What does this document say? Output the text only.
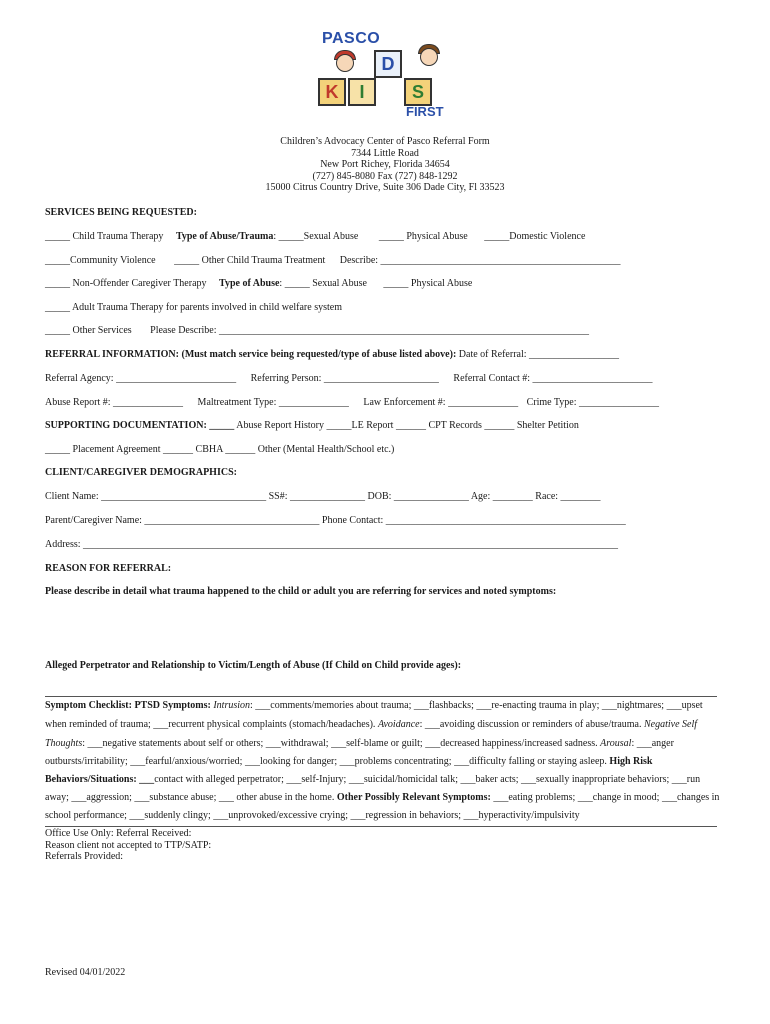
PASCO
K	I
D
S
FIRST
Children’s Advocacy Center of Pasco Referral Form
7344 Little Road
New Port Richey, Florida 34654
(727) 845-8080 Fax (727) 848-1292
15000 Citrus Country Drive, Suite 306 Dade City, Fl 33523
SERVICES BEING REQUESTED:
_____ Child Trauma Therapy Type of Abuse/Trauma: _____Sexual Abuse _____ Physical Abuse _____Domestic Violence
_____Community Violence _____ Other Child Trauma Treatment Describe: ________________________________________________
_____ Non-Offender Caregiver Therapy Type of Abuse: _____ Sexual Abuse _____ Physical Abuse
_____ Adult Trauma Therapy for parents involved in child welfare system
_____ Other Services Please Describe: __________________________________________________________________________
REFERRAL INFORMATION: (Must match service being requested/type of abuse listed above): Date of Referral: __________________
Referral Agency: ________________________ Referring Person: _______________________ Referral Contact #: ________________________
Abuse Report #: ______________ Maltreatment Type: ______________ Law Enforcement #: ______________ Crime Type: ________________
SUPPORTING DOCUMENTATION: _____ Abuse Report History _____LE Report ______ CPT Records ______ Shelter Petition
_____ Placement Agreement ______ CBHA ______ Other (Mental Health/School etc.)
CLIENT/CAREGIVER DEMOGRAPHICS:
Client Name: _________________________________ SS#: _______________ DOB: _______________ Age: ________ Race: ________
Parent/Caregiver Name: ___________________________________ Phone Contact: ________________________________________________
Address: ___________________________________________________________________________________________________________
REASON FOR REFERRAL:
Please describe in detail what trauma happened to the child or adult you are referring for services and noted symptoms:
Alleged Perpetrator and Relationship to Victim/Length of Abuse (If Child on Child provide ages):
Symptom Checklist: PTSD Symptoms: Intrusion: ___comments/memories about trauma; ___flashbacks; ___re-enacting trauma in play; ___nightmares; ___upset
when reminded of trauma; ___recurrent physical complaints (stomach/headaches). Avoidance: ___avoiding discussion or reminders of abuse/trauma. Negative Self
Thoughts: ___negative statements about self or others; ___withdrawal; ___self-blame or guilt; ___decreased happiness/increased sadness. Arousal: ___anger
outbursts/irritability; ___fearful/anxious/worried; ___looking for danger; ___problems concentrating; ___difficulty falling or staying asleep. High Risk
Behaviors/Situations: ___contact with alleged perpetrator; ___self-Injury; ___suicidal/homicidal talk; ___baker acts; ___sexually inappropriate behaviors; ___run
away; ___aggression; ___substance abuse; ___ other abuse in the home. Other Possibly Relevant Symptoms: ___eating problems; ___change in mood; ___changes in
school performance; ___suddenly clingy; ___unprovoked/excessive crying; ___regression in behaviors; ___hyperactivity/impulsivity
Office Use Only: Referral Received:
Reason client not accepted to TTP/SATP:
Referrals Provided:
Revised 04/01/2022
